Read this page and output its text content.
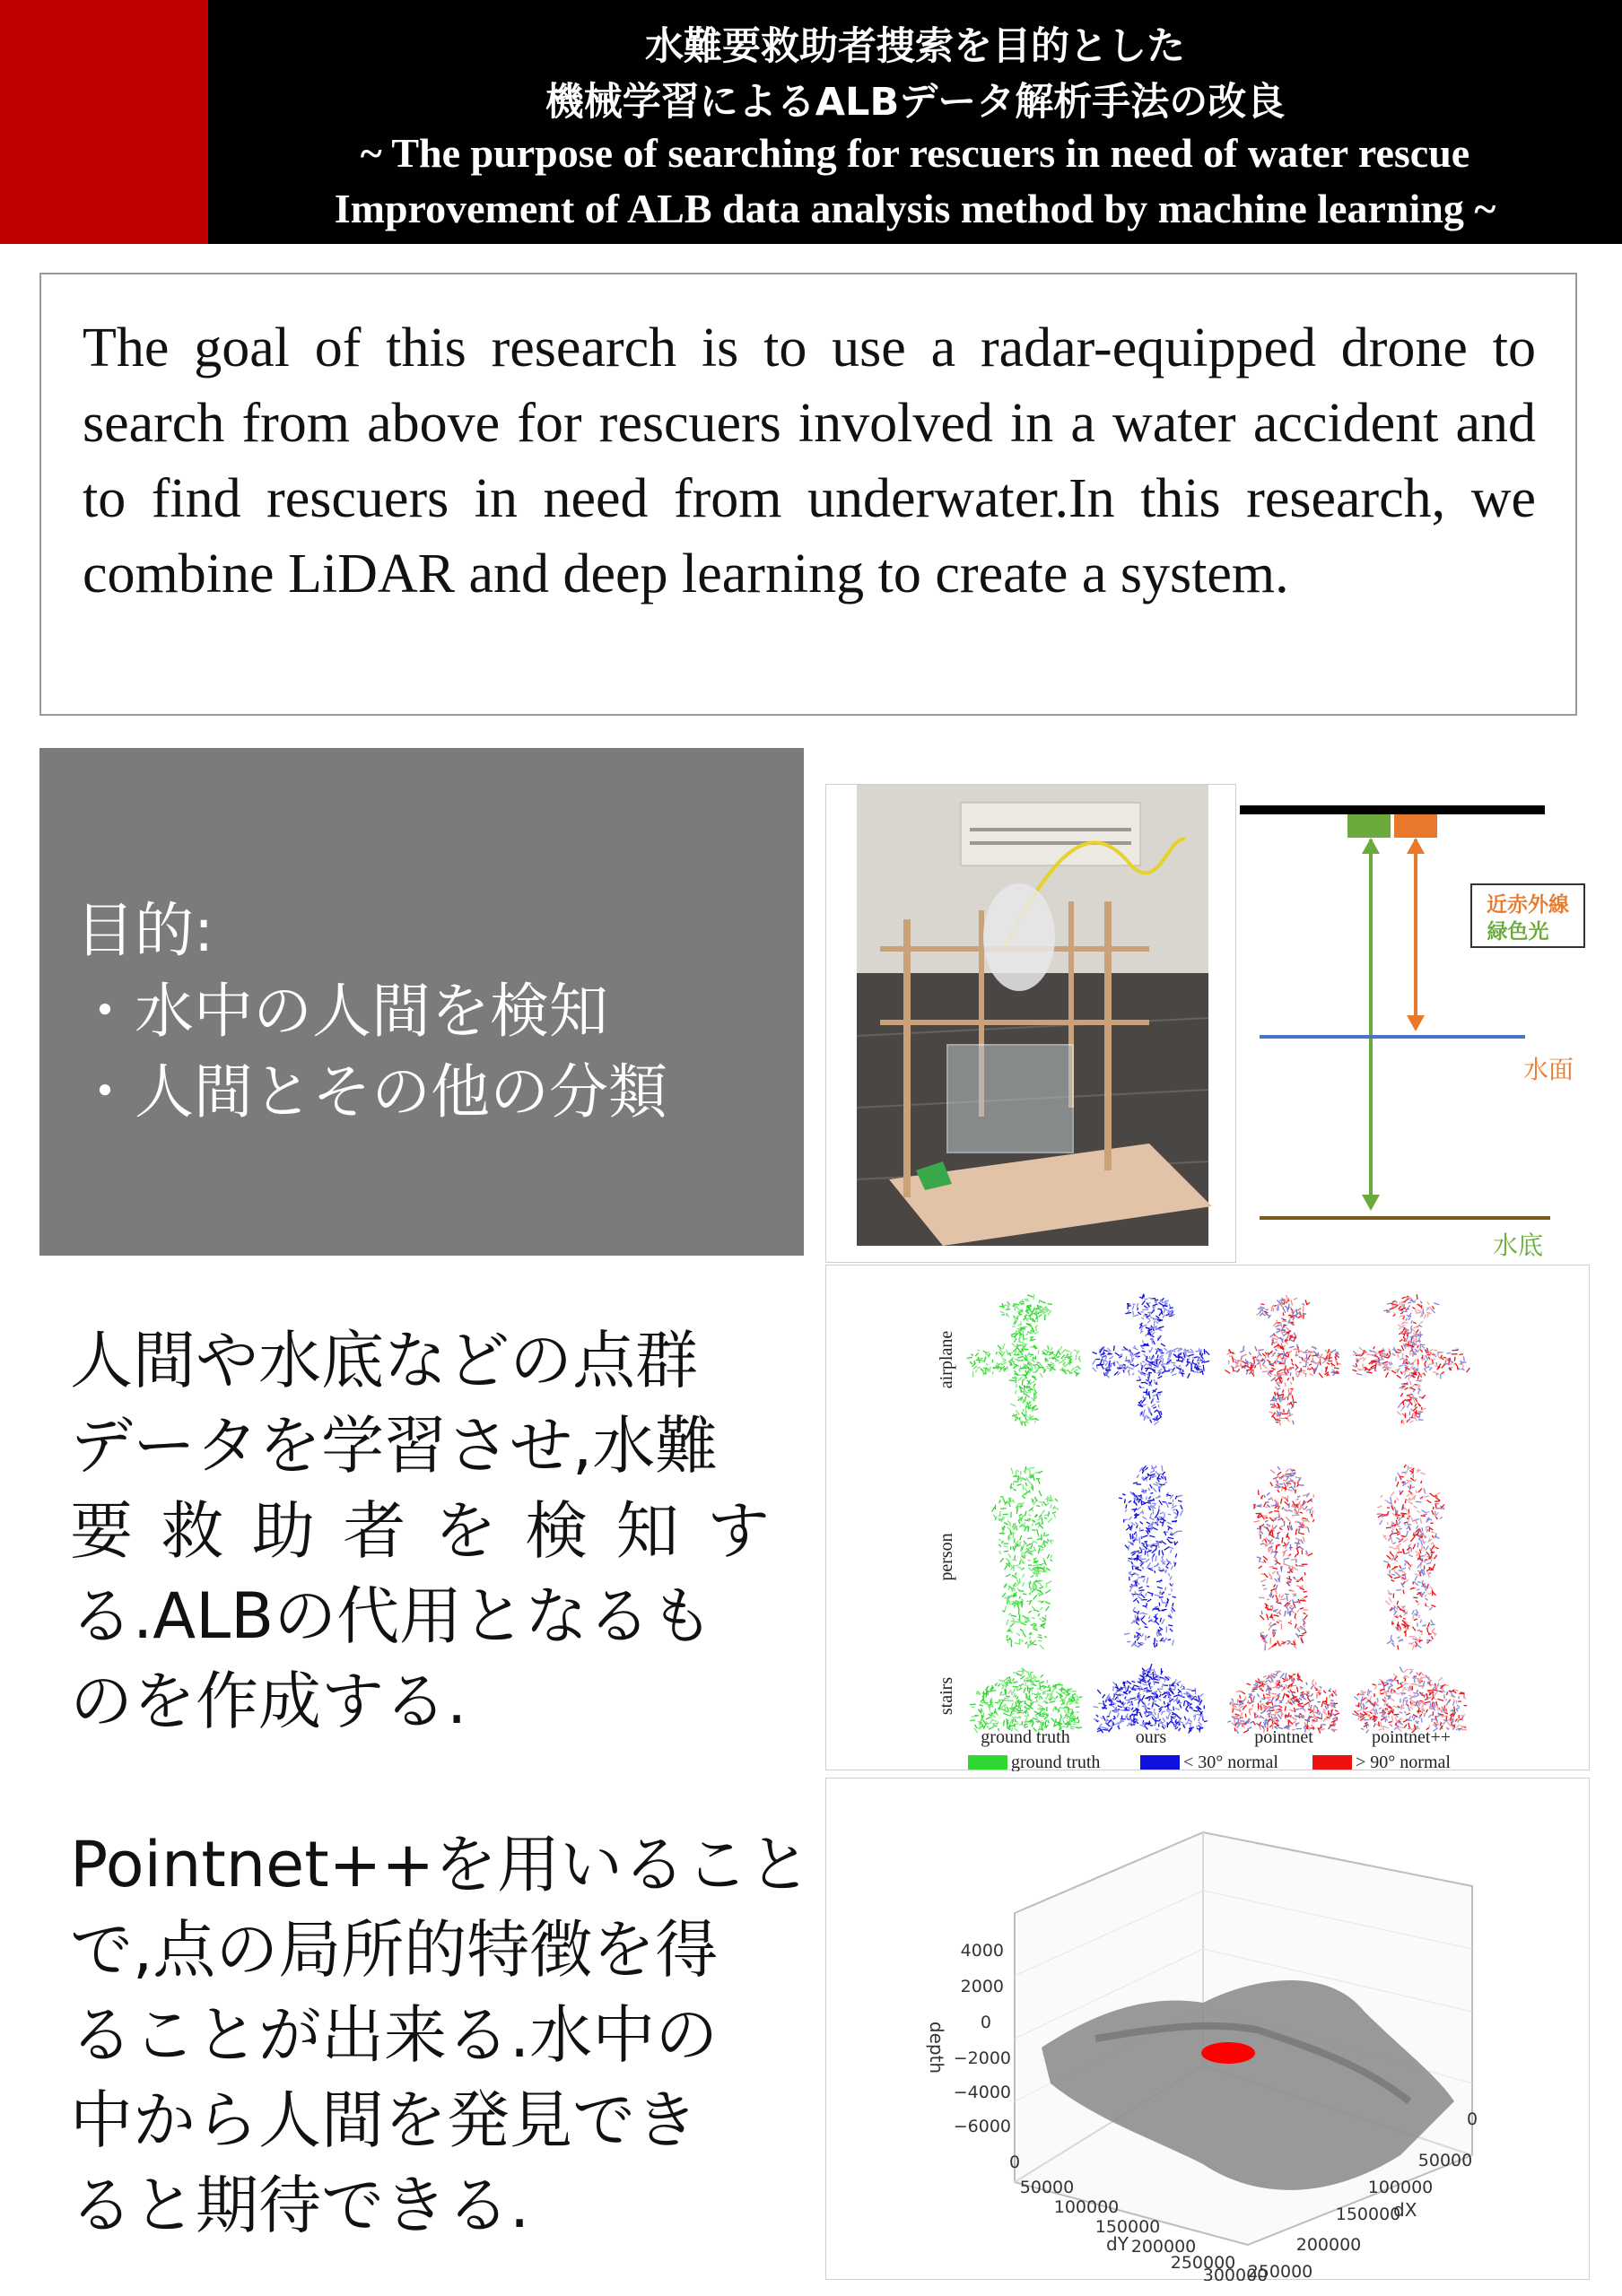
水難要救助者捜索を目的とした
機械学習によるALBデータ解析手法の改良
~ The purpose of searching for rescuers in need of water rescue
Improvement of ALB data analysis method by machine learning ~
The goal of this research is to use a radar-equipped drone to search from above for rescuers involved in a water accident and to find rescuers in need from underwater.In this research, we combine LiDAR and deep learning to create a system.
目的:
・水中の人間を検知
・人間とその他の分類
人間や水底などの点群
データを学習させ,水難
要救助者を検知す
る.ALBの代用となるも
のを作成する.
Pointnet++を用いること
で,点の局所的特徴を得
ることが出来る.水中の
中から人間を発見でき
ると期待できる.
近赤外線
緑色光
水面
水底
airplane
person
stairs
ground truth	ours	pointnet	pointnet++
ground truth	< 30° normal	> 90° normal
4000
2000
0
−2000
−4000
−6000
depth
0
50000
100000
150000
200000
250000
300000
dY
0
50000
100000
150000
200000
250000
dX
